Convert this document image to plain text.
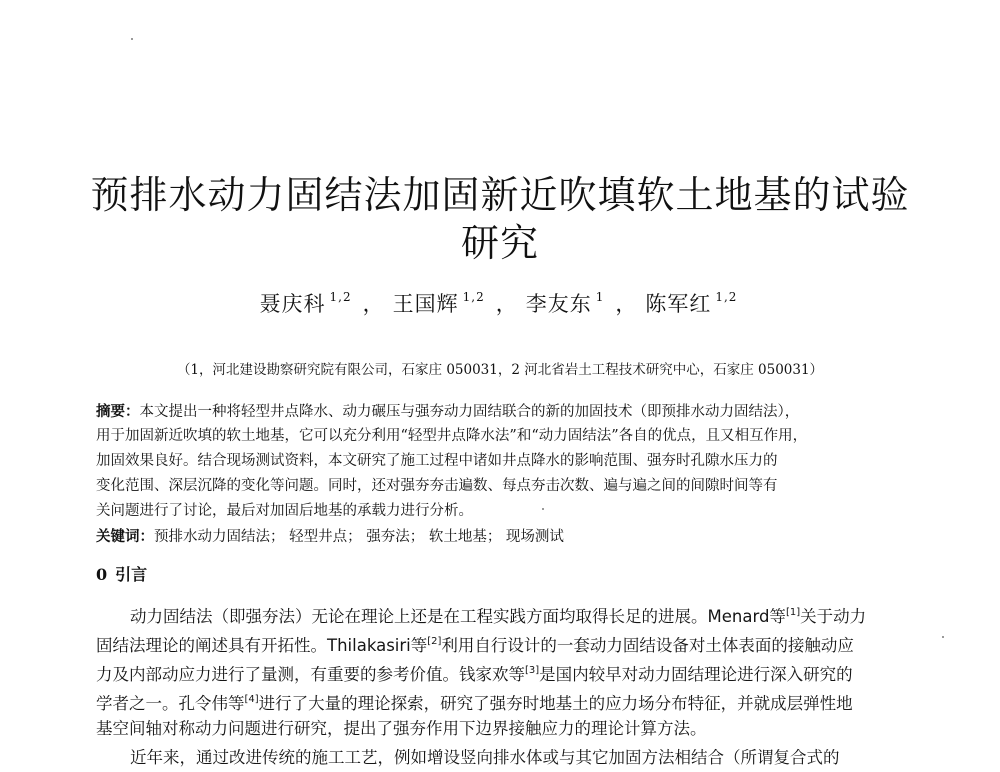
预排水动力固结法加固新近吹填软土地基的试验
研究
聂庆科 $^{1,2}$ ， 王国辉 $^{1,2}$ ， 李友东 $^1$ ， 陈军红 $^{1,2}$
（1，河北建设勘察研究院有限公司，石家庄 050031，2 河北省岩土工程技术研究中心，石家庄 050031）
摘要：本文提出一种将轻型井点降水、动力碾压与强夯动力固结联合的新的加固技术（即预排水动力固结法），
用于加固新近吹填的软土地基，它可以充分利用“轻型井点降水法”和“动力固结法”各自的优点，且又相互作用，
加固效果良好。结合现场测试资料，本文研究了施工过程中诸如井点降水的影响范围、强夯时孔隙水压力的
变化范围、深层沉降的变化等问题。同时，还对强夯夯击遍数、每点夯击次数、遍与遍之间的间隙时间等有
关问题进行了讨论，最后对加固后地基的承载力进行分析。
关键词：预排水动力固结法； 轻型井点； 强夯法； 软土地基； 现场测试
0 引言
动力固结法（即强夯法）无论在理论上还是在工程实践方面均取得长足的进展。Menard等[1]关于动力
固结法理论的阐述具有开拓性。Thilakasiri等[2]利用自行设计的一套动力固结设备对土体表面的接触动应
力及内部动应力进行了量测，有重要的参考价值。钱家欢等[3]是国内较早对动力固结理论进行深入研究的
学者之一。孔令伟等[4]进行了大量的理论探索，研究了强夯时地基土的应力场分布特征，并就成层弹性地
基空间轴对称动力问题进行研究，提出了强夯作用下边界接触应力的理论计算方法。
近年来，通过改进传统的施工工艺，例如增设竖向排水体或与其它加固方法相结合（所谓复合式的
